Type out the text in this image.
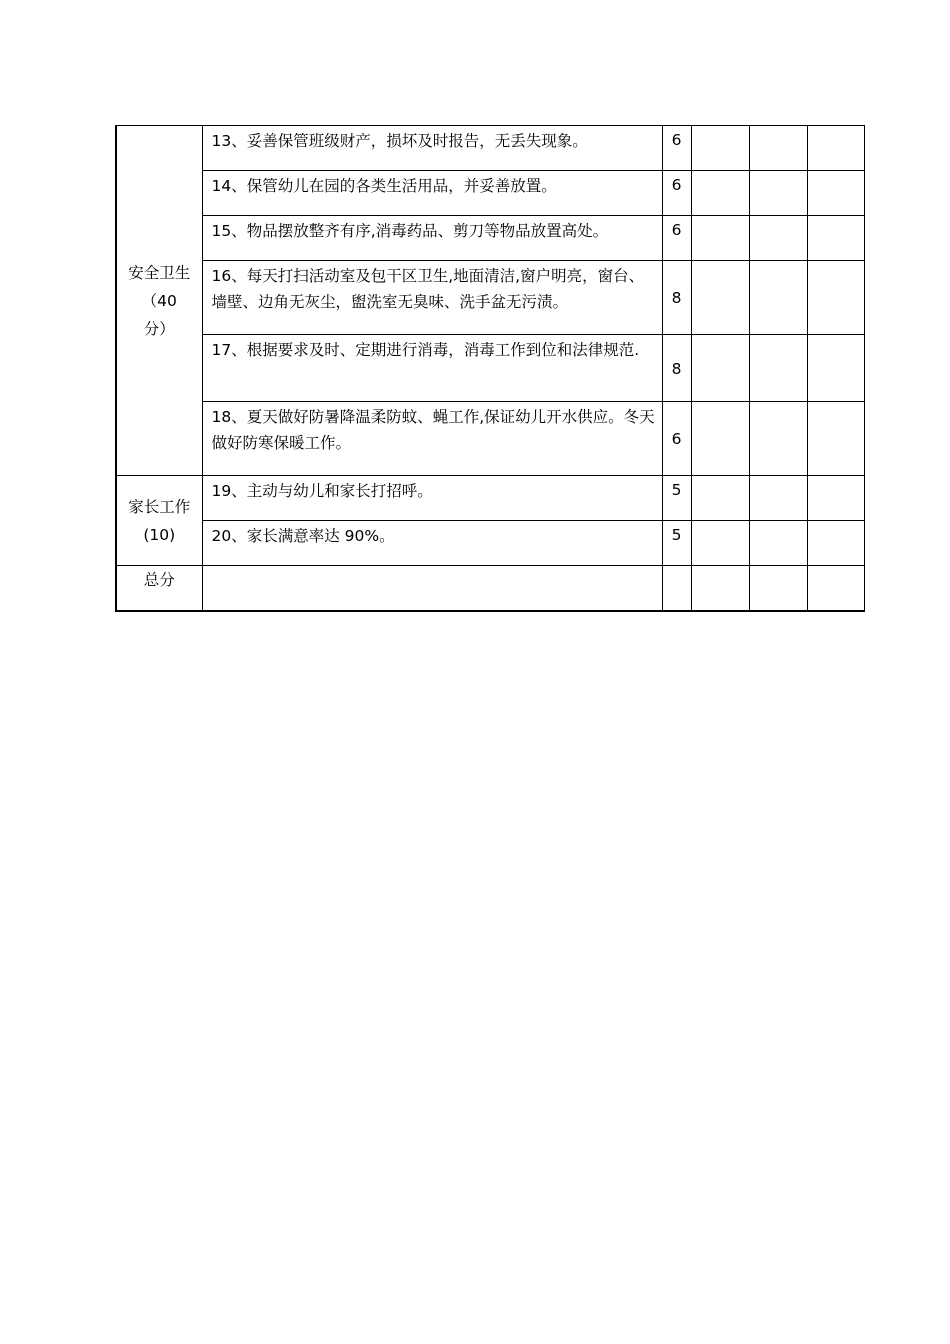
安全卫生
（40
分）	13、妥善保管班级财产，损坏及时报告，无丢失现象。	6			
	14、保管幼儿在园的各类生活用品，并妥善放置。	6			
	15、物品摆放整齐有序,消毒药品、剪刀等物品放置高处。	6			
	16、每天打扫活动室及包干区卫生,地面清洁,窗户明亮，窗台、墙壁、边角无灰尘，盥洗室无臭味、洗手盆无污渍。	8			
	17、根据要求及时、定期进行消毒，消毒工作到位和法律规范.	8			
	18、夏天做好防暑降温柔防蚊、蝇工作,保证幼儿开水供应。冬天做好防寒保暖工作。	6			
家长工作
(10)	19、主动与幼儿和家长打招呼。	5			
	20、家长满意率达 90%。	5			
总分					
